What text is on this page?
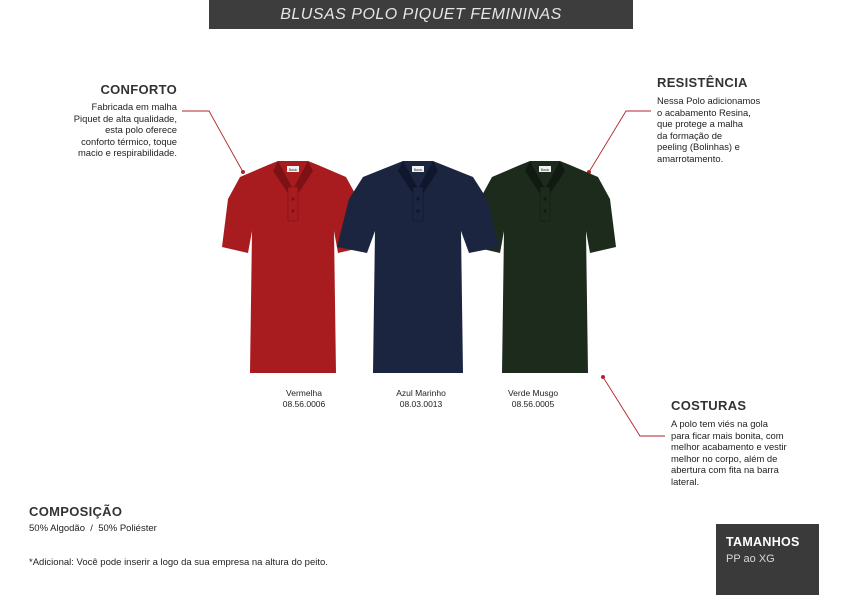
BLUSAS POLO PIQUET FEMININAS
CONFORTO
Fabricada em malha
Piquet de alta qualidade,
esta polo oferece
conforto térmico, toque
macio e respirabilidade.
RESISTÊNCIA
Nessa Polo adicionamos
o acabamento Resina,
que protege a malha
da formação de
peeling (Bolinhas) e
amarrotamento.
COSTURAS
A polo tem viés na gola
para ficar mais bonita, com
melhor acabamento e vestir
melhor no corpo, além de
abertura com fita na barra
lateral.
Basic
Basic	Basic
Vermelha
08.56.0006
Azul Marinho
08.03.0013
Verde Musgo
08.56.0005
COMPOSIÇÃO
50% Algodão  /  50% Poliéster
*Adicional: Você pode inserir a logo da sua empresa na altura do peito.
TAMANHOS
PP ao XG
